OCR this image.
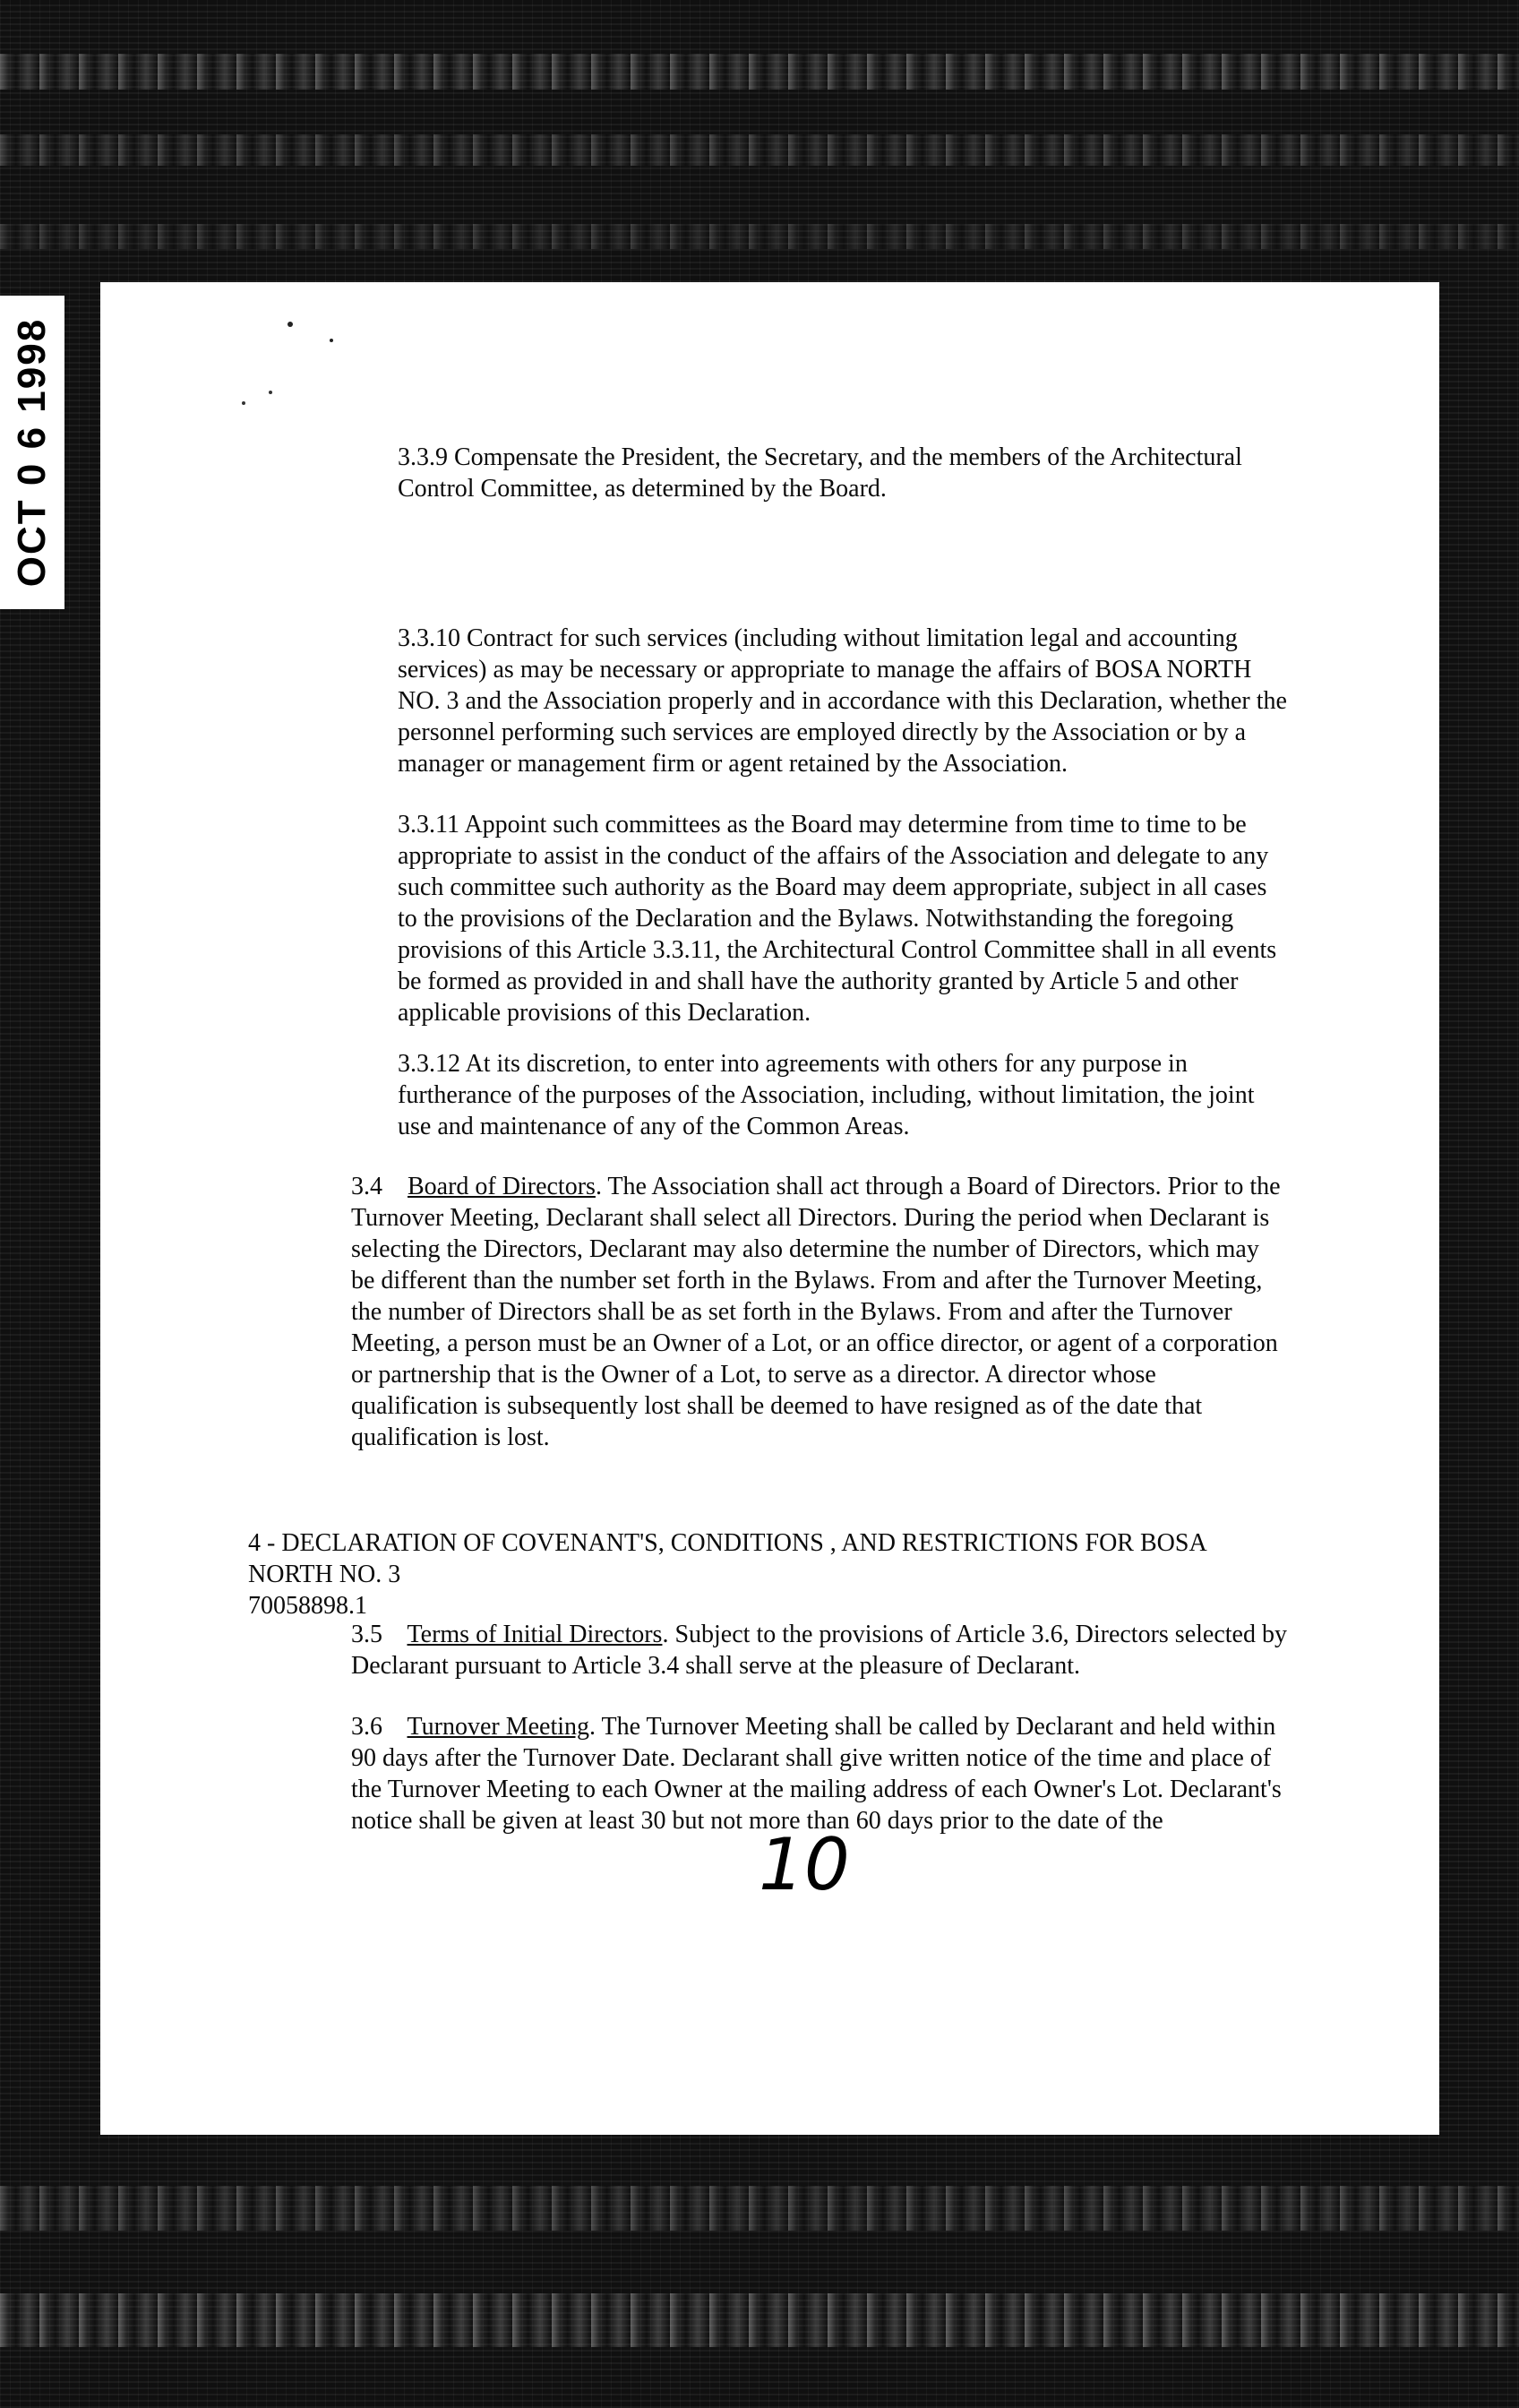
OCT 0 6 1998	3.3.9 Compensate the President, the Secretary, and the members of the Architectural Control Committee, as determined by the Board.

3.3.10 Contract for such services (including without limitation legal and accounting services) as may be necessary or appropriate to manage the affairs of BOSA NORTH NO. 3 and the Association properly and in accordance with this Declaration, whether the personnel performing such services are employed directly by the Association or by a manager or management firm or agent retained by the Association.

3.3.11 Appoint such committees as the Board may determine from time to time to be appropriate to assist in the conduct of the affairs of the Association and delegate to any such committee such authority as the Board may deem appropriate, subject in all cases to the provisions of the Declaration and the Bylaws. Notwithstanding the foregoing provisions of this Article 3.3.11, the Architectural Control Committee shall in all events be formed as provided in and shall have the authority granted by Article 5 and other applicable provisions of this Declaration.

3.3.12 At its discretion, to enter into agreements with others for any purpose in furtherance of the purposes of the Association, including, without limitation, the joint use and maintenance of any of the Common Areas.

3.4 Board of Directors. The Association shall act through a Board of Directors. Prior to the Turnover Meeting, Declarant shall select all Directors. During the period when Declarant is selecting the Directors, Declarant may also determine the number of Directors, which may be different than the number set forth in the Bylaws. From and after the Turnover Meeting, the number of Directors shall be as set forth in the Bylaws. From and after the Turnover Meeting, a person must be an Owner of a Lot, or an office director, or agent of a corporation or partnership that is the Owner of a Lot, to serve as a director. A director whose qualification is subsequently lost shall be deemed to have resigned as of the date that qualification is lost.

4 - DECLARATION OF COVENANT'S, CONDITIONS , AND RESTRICTIONS FOR BOSA NORTH NO. 3

70058898.1

3.5 Terms of Initial Directors. Subject to the provisions of Article 3.6, Directors selected by Declarant pursuant to Article 3.4 shall serve at the pleasure of Declarant.

3.6 Turnover Meeting. The Turnover Meeting shall be called by Declarant and held within 90 days after the Turnover Date. Declarant shall give written notice of the time and place of the Turnover Meeting to each Owner at the mailing address of each Owner's Lot. Declarant's notice shall be given at least 30 but not more than 60 days prior to the date of the

10
